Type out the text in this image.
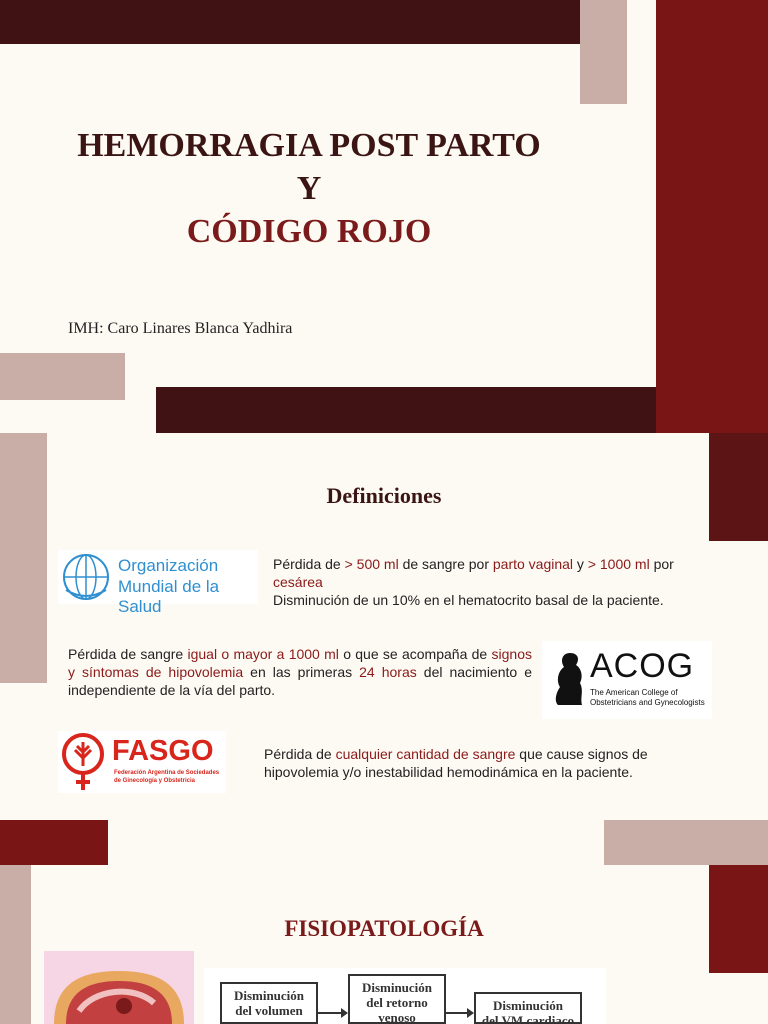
HEMORRAGIA POST PARTO
Y
CÓDIGO ROJO
IMH: Caro Linares Blanca Yadhira
Definiciones
Organización
Mundial de la Salud
Pérdida de > 500 ml de sangre por parto vaginal y > 1000 ml por
cesárea
Disminución de un 10% en el hematocrito basal de la paciente.
Pérdida de sangre igual o mayor a 1000 ml o que se acompaña de signos y síntomas de hipovolemia en las primeras 24 horas del nacimiento e independiente de la vía del parto.
ACOG
The American College of
Obstetricians and Gynecologists
FASGO
Federación Argentina de Sociedades
de Ginecología y Obstetricia
Pérdida de cualquier cantidad de sangre que cause signos de hipovolemia y/o inestabilidad hemodinámica en la paciente.
FISIOPATOLOGÍA
Disminución
del volumen
Disminución
del retorno
venoso
Disminución
del VM cardiaco
